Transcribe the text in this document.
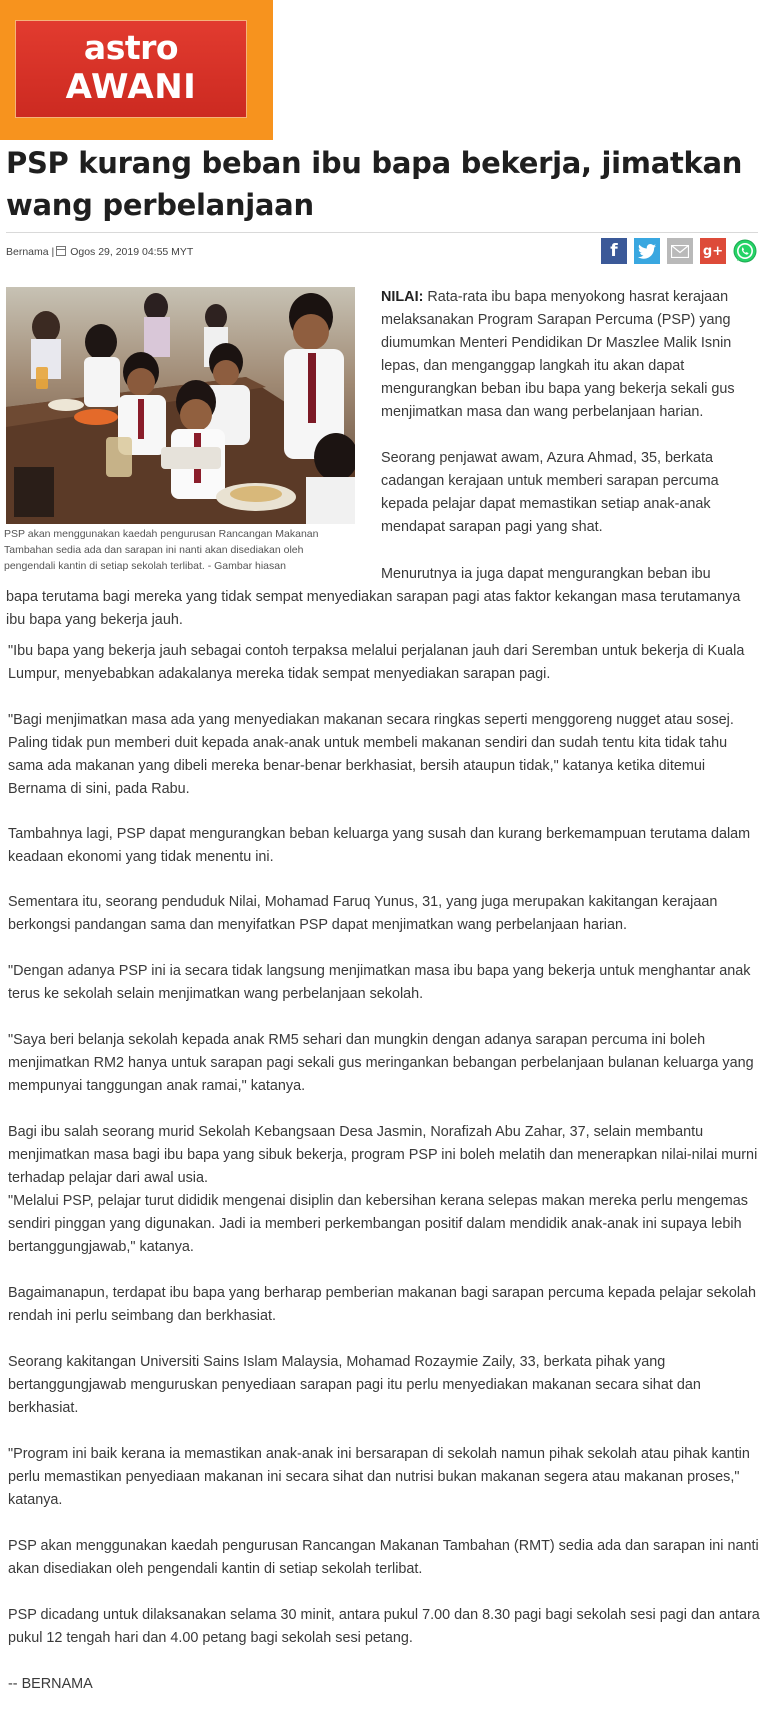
astro
AWANI
PSP kurang beban ibu bapa bekerja, jimatkan wang perbelanjaan
Bernama | Ogos 29, 2019 04:55 MYT	f	g+

PSP akan menggunakan kaedah pengurusan Rancangan Makanan Tambahan sedia ada dan sarapan ini nanti akan disediakan oleh pengendali kantin di setiap sekolah terlibat. - Gambar hiasan

NILAI: Rata-rata ibu bapa menyokong hasrat kerajaan melaksanakan Program Sarapan Percuma (PSP) yang diumumkan Menteri Pendidikan Dr Maszlee Malik Isnin lepas, dan menganggap langkah itu akan dapat mengurangkan beban ibu bapa yang bekerja sekali gus menjimatkan masa dan wang perbelanjaan harian.

Seorang penjawat awam, Azura Ahmad, 35, berkata cadangan kerajaan untuk memberi sarapan percuma kepada pelajar dapat memastikan setiap anak-anak mendapat sarapan pagi yang shat.

Menurutnya ia juga dapat mengurangkan beban ibu

bapa terutama bagi mereka yang tidak sempat menyediakan sarapan pagi atas faktor kekangan masa terutamanya ibu bapa yang bekerja jauh.

"Ibu bapa yang bekerja jauh sebagai contoh terpaksa melalui perjalanan jauh dari Seremban untuk bekerja di Kuala Lumpur, menyebabkan adakalanya mereka tidak sempat menyediakan sarapan pagi.

"Bagi menjimatkan masa ada yang menyediakan makanan secara ringkas seperti menggoreng nugget atau sosej. Paling tidak pun memberi duit kepada anak-anak untuk membeli makanan sendiri dan sudah tentu kita tidak tahu sama ada makanan yang dibeli mereka benar-benar berkhasiat, bersih ataupun tidak," katanya ketika ditemui Bernama di sini, pada Rabu.

Tambahnya lagi, PSP dapat mengurangkan beban keluarga yang susah dan kurang berkemampuan terutama dalam keadaan ekonomi yang tidak menentu ini.

Sementara itu, seorang penduduk Nilai, Mohamad Faruq Yunus, 31, yang juga merupakan kakitangan kerajaan berkongsi pandangan sama dan menyifatkan PSP dapat menjimatkan wang perbelanjaan harian.

"Dengan adanya PSP ini ia secara tidak langsung menjimatkan masa ibu bapa yang bekerja untuk menghantar anak terus ke sekolah selain menjimatkan wang perbelanjaan sekolah.

"Saya beri belanja sekolah kepada anak RM5 sehari dan mungkin dengan adanya sarapan percuma ini boleh menjimatkan RM2 hanya untuk sarapan pagi sekali gus meringankan bebangan perbelanjaan bulanan keluarga yang mempunyai tanggungan anak ramai," katanya.

Bagi ibu salah seorang murid Sekolah Kebangsaan Desa Jasmin, Norafizah Abu Zahar, 37, selain membantu menjimatkan masa bagi ibu bapa yang sibuk bekerja, program PSP ini boleh melatih dan menerapkan nilai-nilai murni terhadap pelajar dari awal usia.

"Melalui PSP, pelajar turut dididik mengenai disiplin dan kebersihan kerana selepas makan mereka perlu mengemas sendiri pinggan yang digunakan. Jadi ia memberi perkembangan positif dalam mendidik anak-anak ini supaya lebih bertanggungjawab," katanya.

Bagaimanapun, terdapat ibu bapa yang berharap pemberian makanan bagi sarapan percuma kepada pelajar sekolah rendah ini perlu seimbang dan berkhasiat.

Seorang kakitangan Universiti Sains Islam Malaysia, Mohamad Rozaymie Zaily, 33, berkata pihak yang bertanggungjawab menguruskan penyediaan sarapan pagi itu perlu menyediakan makanan secara sihat dan berkhasiat.

"Program ini baik kerana ia memastikan anak-anak ini bersarapan di sekolah namun pihak sekolah atau pihak kantin perlu memastikan penyediaan makanan ini secara sihat dan nutrisi bukan makanan segera atau makanan proses," katanya.

PSP akan menggunakan kaedah pengurusan Rancangan Makanan Tambahan (RMT) sedia ada dan sarapan ini nanti akan disediakan oleh pengendali kantin di setiap sekolah terlibat.

PSP dicadang untuk dilaksanakan selama 30 minit, antara pukul 7.00 dan 8.30 pagi bagi sekolah sesi pagi dan antara pukul 12 tengah hari dan 4.00 petang bagi sekolah sesi petang.

-- BERNAMA
